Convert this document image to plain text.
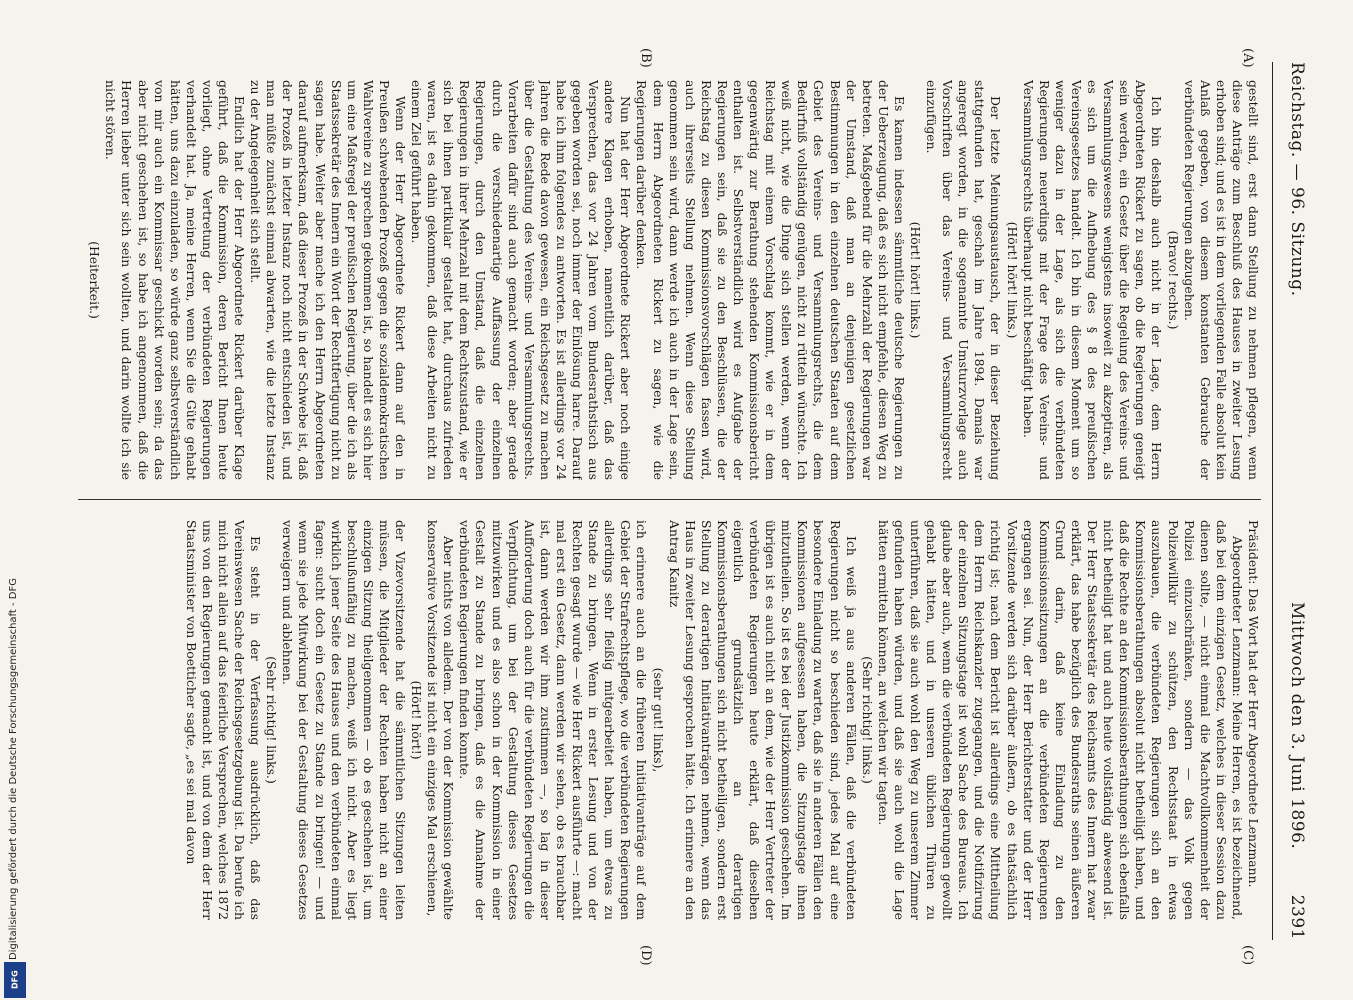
Reichstag. — 96. Sitzung.
Mittwoch den 3. Juni 1896.
2391
(A)
(B)
(C)
(D)

gestellt sind, erst dann Stellung zu nehmen pflegen, wenn diese Anträge zum Beschluß des Hauses in zweiter Lesung erhoben sind; und es ist in dem vorliegenden Falle absolut kein Anlaß gegeben, von diesem konstanten Gebrauche der verbündeten Regierungen abzugehen.

(Bravo! rechts.)

Ich bin deshalb auch nicht in der Lage, dem Herrn Abgeordneten Rickert zu sagen, ob die Regierungen geneigt sein werden, ein Gesetz über die Regelung des Vereins- und Versammlungswesens wenigstens insoweit zu akzeptiren, als es sich um die Aufhebung des § 8 des preußischen Vereinsgesetzes handelt. Ich bin in diesem Moment um so weniger dazu in der Lage, als sich die verbündeten Regierungen neuerdings mit der Frage des Vereins- und Versammlungsrechts überhaupt nicht beschäftigt haben.

(Hört! hört! links.)

Der letzte Meinungsaustausch, der in dieser Beziehung stattgefunden hat, geschah im Jahre 1894. Damals war angeregt worden, in die sogenannte Umsturzvorlage auch Vorschriften über das Vereins- und Versammlungsrecht einzufügen.

(Hört! hört! links.)

Es kamen indessen sämmtliche deutsche Regierungen zu der Ueberzeugung, daß es sich nicht empfehle, diesen Weg zu betreten. Maßgebend für die Mehrzahl der Regierungen war der Umstand, daß man an denjenigen gesetzlichen Bestimmungen in den einzelnen deutschen Staaten auf dem Gebiet des Vereins- und Versammlungsrechts, die dem Bedürfniß vollständig genügen, nicht zu rütteln wünschte. Ich weiß nicht, wie die Dinge sich stellen werden, wenn der Reichstag mit einem Vorschlag kommt, wie er in dem gegenwärtig zur Berathung stehenden Kommissionsbericht enthalten ist. Selbstverständlich wird es Aufgabe der Regierungen sein, daß sie zu den Beschlüssen, die der Reichstag zu diesen Kommissionsvorschlägen fassen wird, auch ihrerseits Stellung nehmen. Wenn diese Stellung genommen sein wird, dann werde ich auch in der Lage sein, dem Herrn Abgeordneten Rickert zu sagen, wie die Regierungen darüber denken.

Nun hat der Herr Abgeordnete Rickert aber noch einige andere Klagen erhoben, namentlich darüber, daß das Versprechen, das vor 24 Jahren vom Bundesrathstisch aus gegeben worden sei, noch immer der Einlösung harre. Darauf habe ich ihm folgendes zu antworten. Es ist allerdings vor 24 Jahren die Rede davon gewesen, ein Reichsgesetz zu machen über die Gestaltung des Vereins- und Versammlungsrechts. Vorarbeiten dafür sind auch gemacht worden; aber gerade durch die verschiedenartige Auffassung der einzelnen Regierungen, durch den Umstand, daß die einzelnen Regierungen in ihrer Mehrzahl mit dem Rechtszustand, wie er sich bei ihnen partikular gestaltet hat, durchaus zufrieden waren, ist es dahin gekommen, daß diese Arbeiten nicht zu einem Ziel geführt haben.

Wenn der Herr Abgeordnete Rickert dann auf den in Preußen schwebenden Prozeß gegen die sozialdemokratischen Wahlvereine zu sprechen gekommen ist, so handelt es sich hier um eine Maßregel der preußischen Regierung, über die ich als Staatssekretär des Innern ein Wort der Rechtfertigung nicht zu sagen habe. Weiter aber mache ich den Herrn Abgeordneten darauf aufmerksam, daß dieser Prozeß in der Schwebe ist, daß der Prozeß in letzter Instanz noch nicht entschieden ist, und man müßte zunächst einmal abwarten, wie die letzte Instanz zu der Angelegenheit sich stellt.

Endlich hat der Herr Abgeordnete Rickert darüber Klage geführt, daß die Kommission, deren Bericht Ihnen heute vorliegt, ohne Vertretung der verbündeten Regierungen verhandelt hat. Ja, meine Herren, wenn Sie die Güte gehabt hätten, uns dazu einzuladen, so würde ganz selbstverständlich von mir auch ein Kommissar geschickt worden sein; da das aber nicht geschehen ist, so habe ich angenommen, daß die Herren lieber unter sich sein wollten, und darin wollte ich sie nicht stören.

(Heiterkeit.)

Präsident: Das Wort hat der Herr Abgeordnete Lenzmann.

Abgeordneter Lenzmann: Meine Herren, es ist bezeichnend, daß bei dem einzigen Gesetz, welches in dieser Session dazu dienen sollte, — nicht einmal die Machtvollkommenheit der Polizei einzuschränken, sondern — das Volk gegen Polizeiwillkür zu schützen, den Rechtsstaat in etwas auszubauen, die verbündeten Regierungen sich an den Kommissionsberathungen absolut nicht betheiligt haben, und daß die Rechte an den Kommissionsberathungen sich ebenfalls nicht betheiligt hat und auch heute vollständig abwesend ist. Der Herr Staatssekretär des Reichsamts des Innern hat zwar erklärt, das habe bezüglich des Bundesraths seinen äußeren Grund darin, daß keine Einladung zu den Kommissionssitzungen an die verbündeten Regierungen ergangen sei. Nun, der Herr Berichterstatter und der Herr Vorsitzende werden sich darüber äußern, ob es thatsächlich richtig ist; nach dem Bericht ist allerdings eine Mittheilung dem Herrn Reichskanzler zugegangen, und die Notifizirung der einzelnen Sitzungstage ist wohl Sache des Bureaus. Ich glaube aber auch, wenn die verbündeten Regierungen gewollt gehabt hätten, und in unseren üblichen Thüren zu unterführen, daß sie auch wohl den Weg zu unserem Zimmer gefunden haben würden, und daß sie auch wohl die Lage hätten ermitteln können, an welchen wir tagten.

(Sehr richtig! links.)

Ich weiß ja aus anderen Fällen, daß die verbündeten Regierungen nicht so beschieden sind, jedes Mal auf eine besondere Einladung zu warten, daß sie in anderen Fällen den Kommissionen aufgesessen haben, die Sitzungstage ihnen mitzutheilen. So ist es bei der Justizkommission geschehen. Im übrigen ist es auch nicht an dem, wie der Herr Vertreter der verbündeten Regierungen heute erklärt, daß dieselben eigentlich grundsätzlich an derartigen Kommissionsberathungen sich nicht betheiligen, sondern erst Stellung zu derartigen Initiativanträgen nehmen, wenn das Haus in zweiter Lesung gesprochen hätte. Ich erinnere an den Antrag Kanitz

(sehr gut! links),

ich erinnere auch an die früheren Initiativanträge auf dem Gebiet der Strafrechtspflege, wo die verbündeten Regierungen allerdings sehr fleißig mitgearbeitet haben, um etwas zu Stande zu bringen. Wenn in erster Lesung und von der Rechten gesagt wurde — wie Herr Rickert ausführte —: macht mal erst ein Gesetz, dann werden wir sehen, ob es brauchbar ist, dann werden wir ihm zustimmen —, so lag in dieser Aufforderung doch auch für die verbündeten Regierungen die Verpflichtung, um bei der Gestaltung dieses Gesetzes mitzuwirken und es also schon in der Kommission in einer Gestalt zu Stande zu bringen, daß es die Annahme der verbündeten Regierungen finden konnte.

Aber nichts von alledem. Der von der Kommission gewählte konservative Vorsitzende ist nicht ein einziges Mal erschienen,

(Hört! hört!)

der Vizevorsitzende hat die sämmtlichen Sitzungen leiten müssen, die Mitglieder der Rechten haben nicht an einer einzigen Sitzung theilgenommen — ob es geschehen ist, um beschlußunfähig zu machen, weiß ich nicht. Aber es liegt wirklich jener Seite des Hauses und den verbündeten einmal fagen: sucht doch ein Gesetz zu Stande zu bringen! — und wenn sie jede Mitwirkung bei der Gestaltung dieses Gesetzes verweigern und ablehnen.

(Sehr richtig! links.)

Es steht in der Verfassung ausdrücklich, daß das Vereinswesen Sache der Reichsgesetzgebung ist. Da berufe ich mich nicht allein auf das feierliche Versprechen, welches 1872 uns von den Regierungen gemacht ist, und von dem der Herr Staatsminister von Boetticher sagte, „es sei mal davon

Digitalisierung gefördert durch die Deutsche Forschungsgemeinschaft - DFG
DFG
